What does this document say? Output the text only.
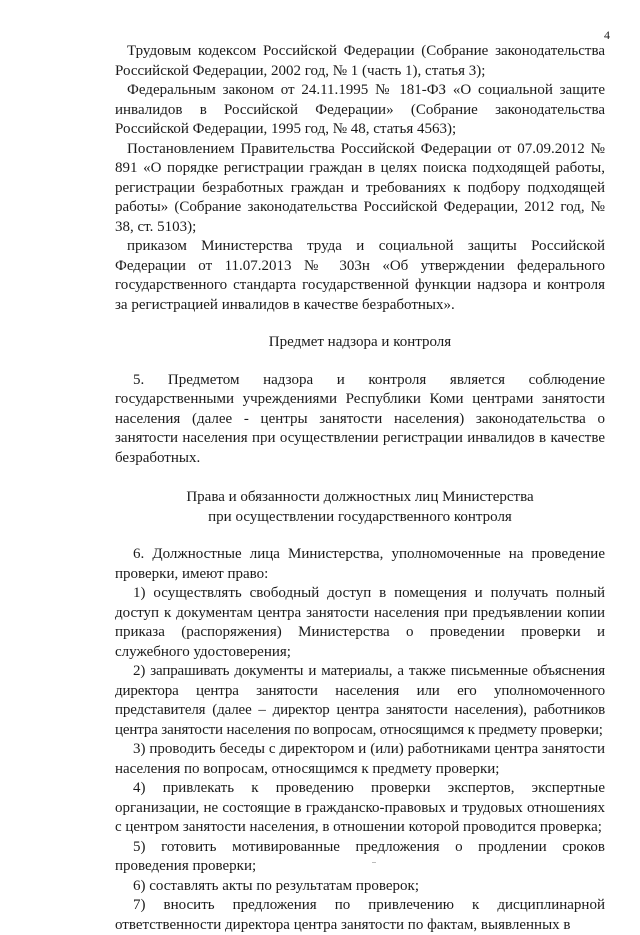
4

Трудовым кодексом Российской Федерации (Собрание законодательства Российской Федерации, 2002 год, № 1 (часть 1), статья 3);

Федеральным законом от 24.11.1995 № 181-ФЗ «О социальной защите инвалидов в Российской Федерации» (Собрание законодательства Российской Федерации, 1995 год, № 48, статья 4563);

Постановлением Правительства Российской Федерации от 07.09.2012 № 891 «О порядке регистрации граждан в целях поиска подходящей работы, регистрации безработных граждан и требованиях к подбору подходящей работы» (Собрание законодательства Российской Федерации, 2012 год, № 38, ст. 5103);

приказом Министерства труда и социальной защиты Российской Федерации от 11.07.2013 № 303н «Об утверждении федерального государственного стандарта государственной функции надзора и контроля за регистрацией инвалидов в качестве безработных».

Предмет надзора и контроля

5. Предметом надзора и контроля является соблюдение государственными учреждениями Республики Коми центрами занятости населения (далее - центры занятости населения) законодательства о занятости населения при осуществлении регистрации инвалидов в качестве безработных.

Права и обязанности должностных лиц Министерства
при осуществлении государственного контроля

6. Должностные лица Министерства, уполномоченные на проведение проверки, имеют право:

1) осуществлять свободный доступ в помещения и получать полный доступ к документам центра занятости населения при предъявлении копии приказа (распоряжения) Министерства о проведении проверки и служебного удостоверения;

2) запрашивать документы и материалы, а также письменные объяснения директора центра занятости населения или его уполномоченного представителя (далее – директор центра занятости населения), работников центра занятости населения по вопросам, относящимся к предмету проверки;

3) проводить беседы с директором и (или) работниками центра занятости населения по вопросам, относящимся к предмету проверки;

4) привлекать к проведению проверки экспертов, экспертные организации, не состоящие в гражданско-правовых и трудовых отношениях с центром занятости населения, в отношении которой проводится проверка;

5) готовить мотивированные предложения о продлении сроков проведения проверки;

6) составлять акты по результатам проверок;

7) вносить предложения по привлечению к дисциплинарной ответственности директора центра занятости по фактам, выявленных в
